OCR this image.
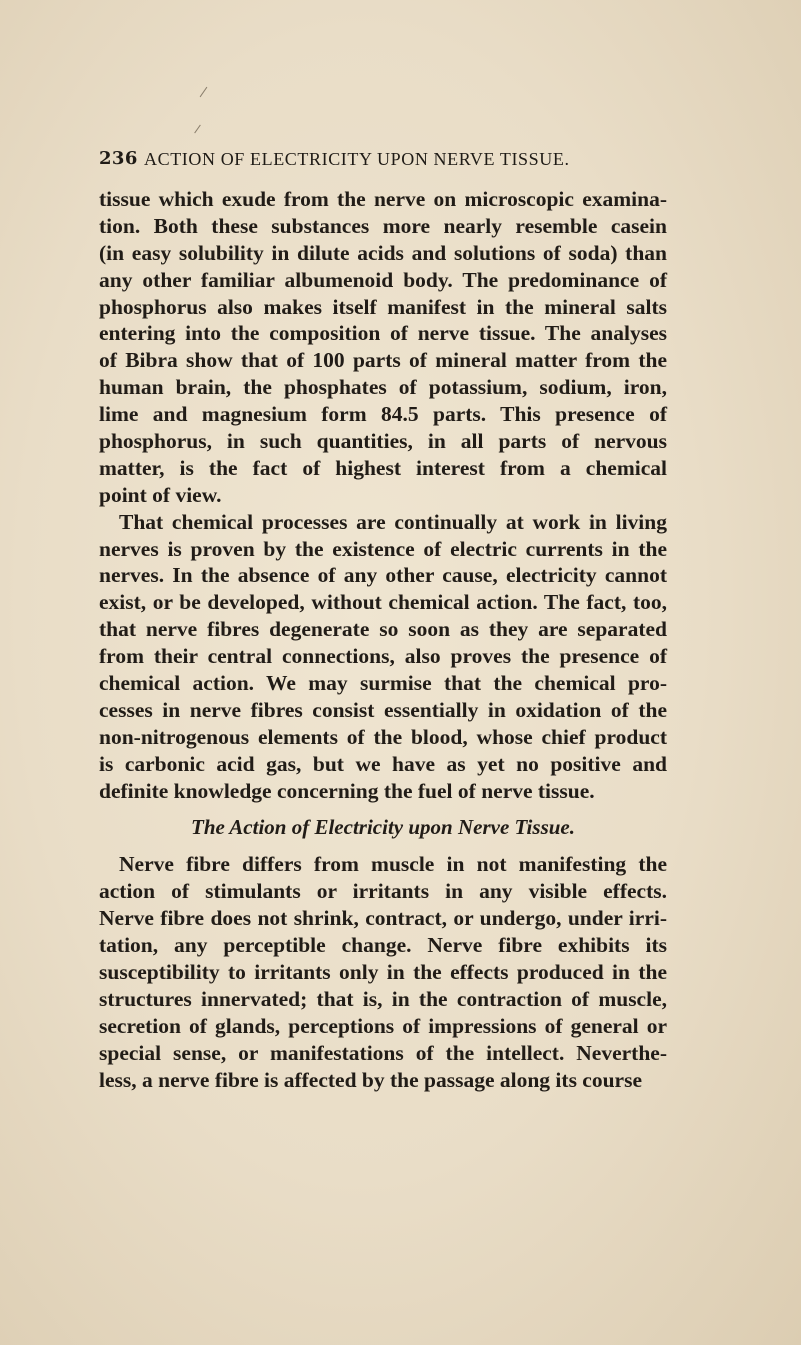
236 ACTION OF ELECTRICITY UPON NERVE TISSUE.
tissue which exude from the nerve on microscopic examina-
tion. Both these substances more nearly resemble casein
(in easy solubility in dilute acids and solutions of soda) than
any other familiar albumenoid body. The predominance of
phosphorus also makes itself manifest in the mineral salts
entering into the composition of nerve tissue. The analyses
of Bibra show that of 100 parts of mineral matter from the
human brain, the phosphates of potassium, sodium, iron,
lime and magnesium form 84.5 parts. This presence of
phosphorus, in such quantities, in all parts of nervous
matter, is the fact of highest interest from a chemical
point of view.
That chemical processes are continually at work in living
nerves is proven by the existence of electric currents in the
nerves. In the absence of any other cause, electricity cannot
exist, or be developed, without chemical action. The fact, too,
that nerve fibres degenerate so soon as they are separated
from their central connections, also proves the presence of
chemical action. We may surmise that the chemical pro-
cesses in nerve fibres consist essentially in oxidation of the
non-nitrogenous elements of the blood, whose chief product
is carbonic acid gas, but we have as yet no positive and
definite knowledge concerning the fuel of nerve tissue.
The Action of Electricity upon Nerve Tissue.
Nerve fibre differs from muscle in not manifesting the
action of stimulants or irritants in any visible effects.
Nerve fibre does not shrink, contract, or undergo, under irri-
tation, any perceptible change. Nerve fibre exhibits its
susceptibility to irritants only in the effects produced in the
structures innervated; that is, in the contraction of muscle,
secretion of glands, perceptions of impressions of general or
special sense, or manifestations of the intellect. Neverthe-
less, a nerve fibre is affected by the passage along its course
